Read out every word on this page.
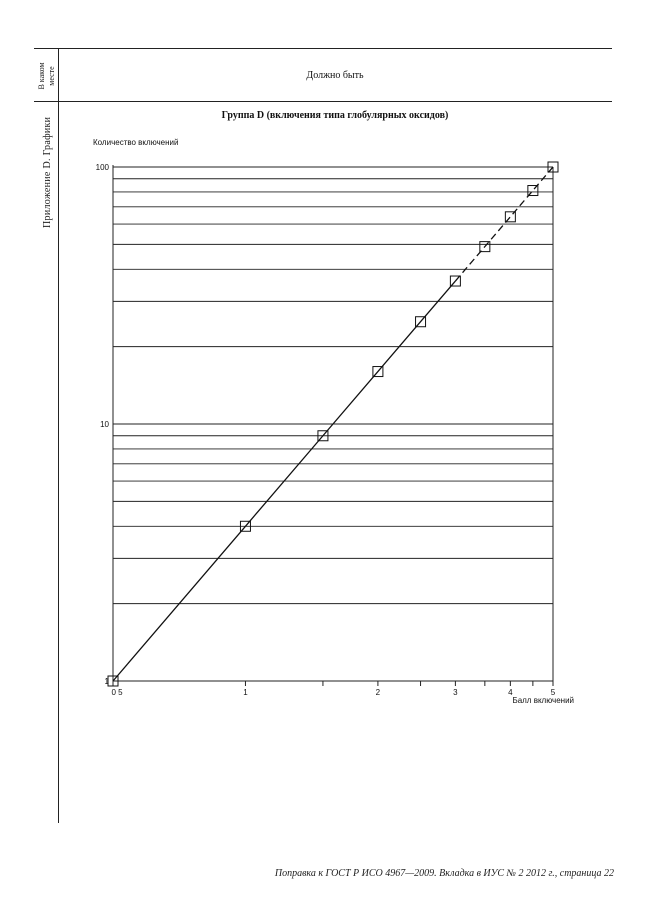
В каком месте
Приложение D. Графики
Должно быть
Группа D (включения типа глобулярных оксидов)
0 5	1	2	3	4	5
1
10
100
Количество включений
Балл включений
Поправка к ГОСТ Р ИСО 4967—2009. Вкладка в ИУС № 2 2012 г., страница 22
